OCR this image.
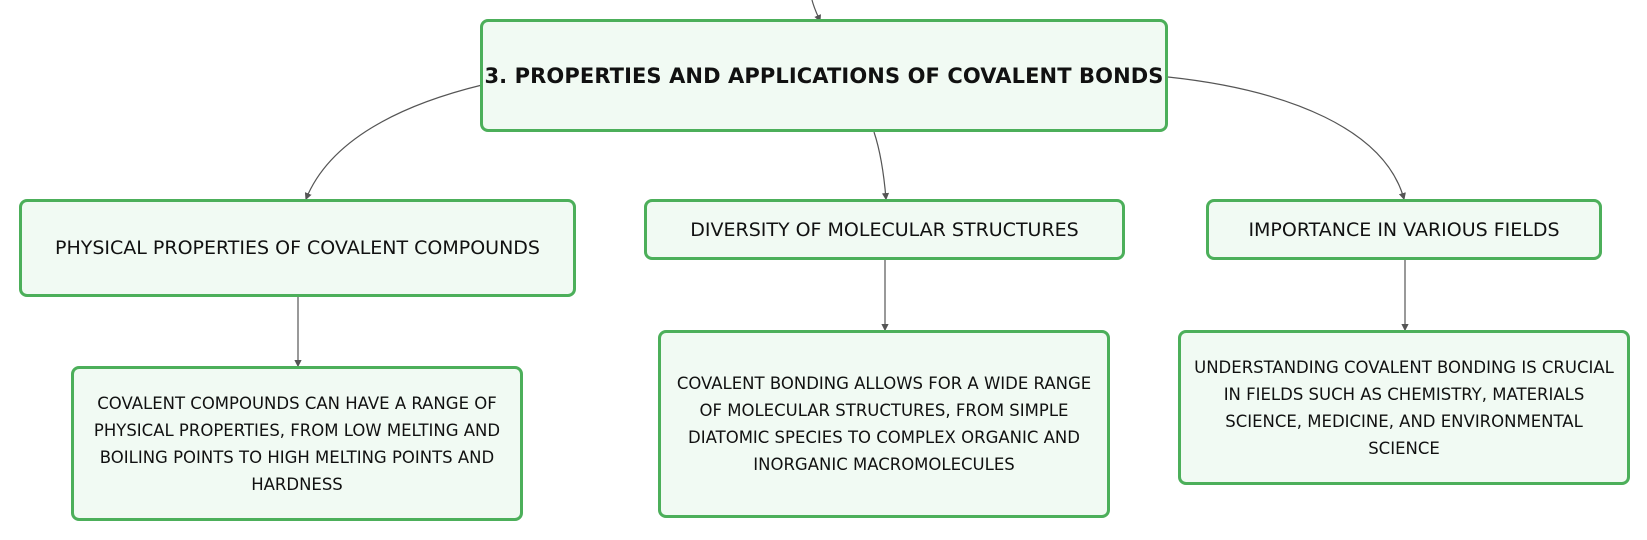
3. PROPERTIES AND APPLICATIONS OF COVALENT BONDS
PHYSICAL PROPERTIES OF COVALENT COMPOUNDS
DIVERSITY OF MOLECULAR STRUCTURES	IMPORTANCE IN VARIOUS FIELDS
COVALENT COMPOUNDS CAN HAVE A RANGE OF PHYSICAL PROPERTIES, FROM LOW MELTING AND BOILING POINTS TO HIGH MELTING POINTS AND HARDNESS
COVALENT BONDING ALLOWS FOR A WIDE RANGE OF MOLECULAR STRUCTURES, FROM SIMPLE DIATOMIC SPECIES TO COMPLEX ORGANIC AND INORGANIC MACROMOLECULES
UNDERSTANDING COVALENT BONDING IS CRUCIAL IN FIELDS SUCH AS CHEMISTRY, MATERIALS SCIENCE, MEDICINE, AND ENVIRONMENTAL SCIENCE
